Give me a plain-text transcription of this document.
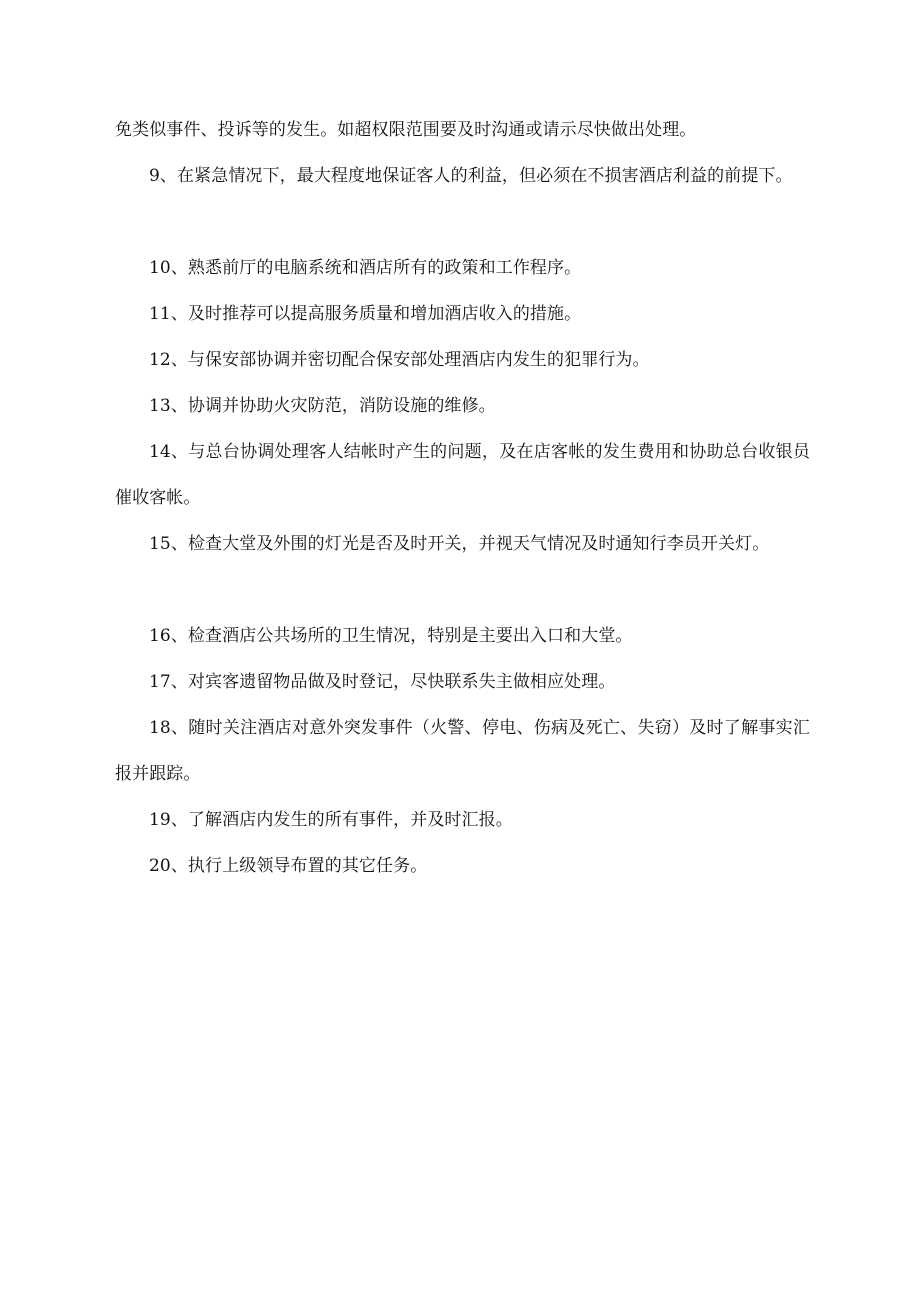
免类似事件、投诉等的发生。如超权限范围要及时沟通或请示尽快做出处理。

9、在紧急情况下，最大程度地保证客人的利益，但必须在不损害酒店利益的前提下。

10、熟悉前厅的电脑系统和酒店所有的政策和工作程序。

11、及时推荐可以提高服务质量和增加酒店收入的措施。

12、与保安部协调并密切配合保安部处理酒店内发生的犯罪行为。

13、协调并协助火灾防范，消防设施的维修。

14、与总台协调处理客人结帐时产生的问题，及在店客帐的发生费用和协助总台收银员催收客帐。

15、检查大堂及外围的灯光是否及时开关，并视天气情况及时通知行李员开关灯。

16、检查酒店公共场所的卫生情况，特别是主要出入口和大堂。

17、对宾客遗留物品做及时登记，尽快联系失主做相应处理。

18、随时关注酒店对意外突发事件（火警、停电、伤病及死亡、失窃）及时了解事实汇报并跟踪。

19、了解酒店内发生的所有事件，并及时汇报。

20、执行上级领导布置的其它任务。
